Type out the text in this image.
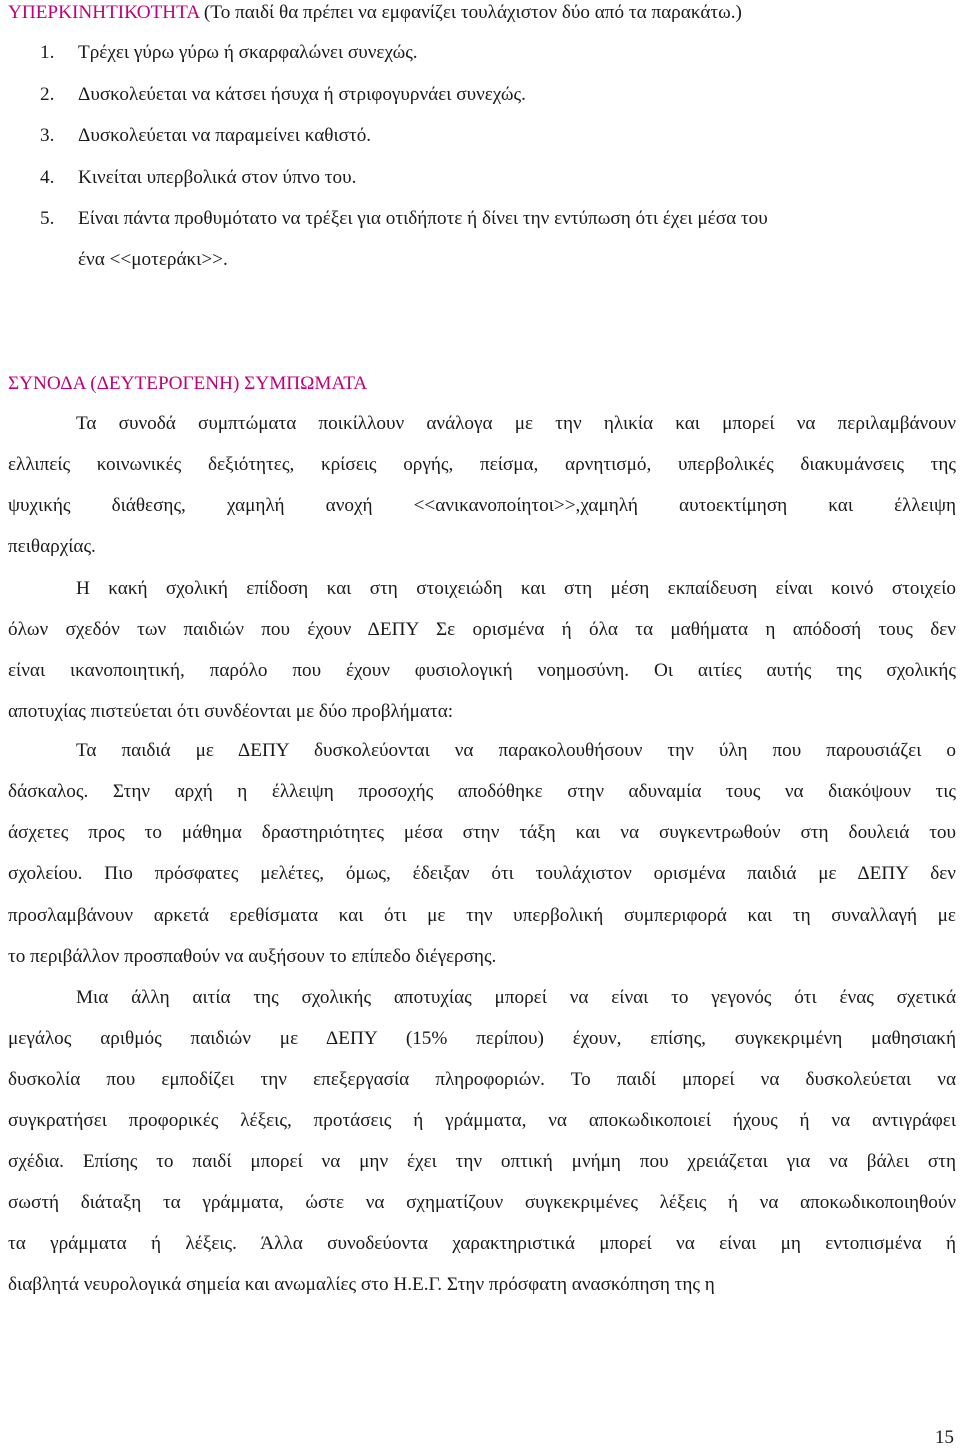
ΥΠΕΡΚΙΝΗΤΙΚΟΤΗΤΑ (Το παιδί θα πρέπει να εμφανίζει τουλάχιστον δύο από τα παρακάτω.)
1. Τρέχει γύρω γύρω ή σκαρφαλώνει συνεχώς.
2. Δυσκολεύεται να κάτσει ήσυχα ή στριφογυρνάει συνεχώς.
3. Δυσκολεύεται να παραμείνει καθιστό.
4. Κινείται υπερβολικά στον ύπνο του.
5. Είναι πάντα προθυμότατο να τρέξει για οτιδήποτε ή δίνει την εντύπωση ότι έχει μέσα του
ένα <<μοτεράκι>>.
ΣΥΝΟΔΑ (ΔΕΥΤΕΡΟΓΕΝΗ) ΣΥΜΠΩΜΑΤΑ
Τα συνοδά συμπτώματα ποικίλλουν ανάλογα με την ηλικία και μπορεί να περιλαμβάνουν
ελλιπείς κοινωνικές δεξιότητες, κρίσεις οργής, πείσμα, αρνητισμό, υπερβολικές διακυμάνσεις της
ψυχικής διάθεσης, χαμηλή ανοχή <<ανικανοποίητοι>>,χαμηλή αυτοεκτίμηση και έλλειψη
πειθαρχίας.
Η κακή σχολική επίδοση και στη στοιχειώδη και στη μέση εκπαίδευση είναι κοινό στοιχείο
όλων σχεδόν των παιδιών που έχουν ΔΕΠΥ Σε ορισμένα ή όλα τα μαθήματα η απόδοσή τους δεν
είναι ικανοποιητική, παρόλο που έχουν φυσιολογική νοημοσύνη. Οι αιτίες αυτής της σχολικής
αποτυχίας πιστεύεται ότι συνδέονται με δύο προβλήματα:
Τα παιδιά με ΔΕΠΥ δυσκολεύονται να παρακολουθήσουν την ύλη που παρουσιάζει ο
δάσκαλος. Στην αρχή η έλλειψη προσοχής αποδόθηκε στην αδυναμία τους να διακόψουν τις
άσχετες προς το μάθημα δραστηριότητες μέσα στην τάξη και να συγκεντρωθούν στη δουλειά του
σχολείου. Πιο πρόσφατες μελέτες, όμως, έδειξαν ότι τουλάχιστον ορισμένα παιδιά με ΔΕΠΥ δεν
προσλαμβάνουν αρκετά ερεθίσματα και ότι με την υπερβολική συμπεριφορά και τη συναλλαγή με
το περιβάλλον προσπαθούν να αυξήσουν το επίπεδο διέγερσης.
Μια άλλη αιτία της σχολικής αποτυχίας μπορεί να είναι το γεγονός ότι ένας σχετικά
μεγάλος αριθμός παιδιών με ΔΕΠΥ (15% περίπου) έχουν, επίσης, συγκεκριμένη μαθησιακή
δυσκολία που εμποδίζει την επεξεργασία πληροφοριών. Το παιδί μπορεί να δυσκολεύεται να
συγκρατήσει προφορικές λέξεις, προτάσεις ή γράμματα, να αποκωδικοποιεί ήχους ή να αντιγράφει
σχέδια. Επίσης το παιδί μπορεί να μην έχει την οπτική μνήμη που χρειάζεται για να βάλει στη
σωστή διάταξη τα γράμματα, ώστε να σχηματίζουν συγκεκριμένες λέξεις ή να αποκωδικοποιηθούν
τα γράμματα ή λέξεις. Άλλα συνοδεύοντα χαρακτηριστικά μπορεί να είναι μη εντοπισμένα ή
διαβλητά νευρολογικά σημεία και ανωμαλίες στο Η.Ε.Γ. Στην πρόσφατη ανασκόπηση της η
15
